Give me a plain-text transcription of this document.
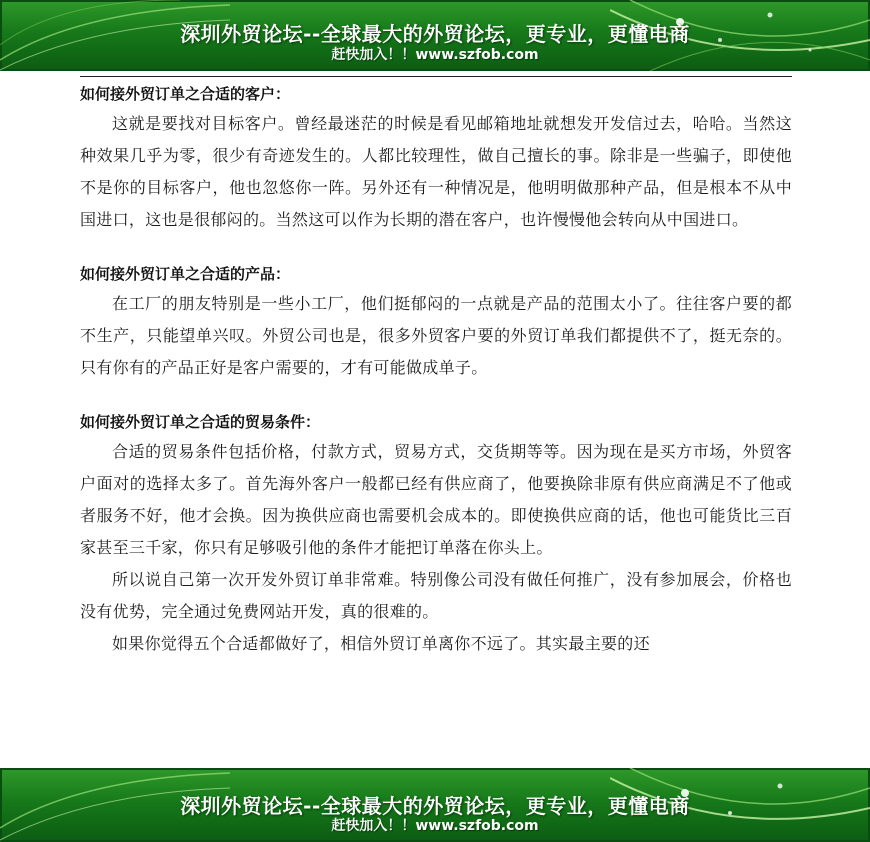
深圳外贸论坛--全球最大的外贸论坛，更专业，更懂电商
赶快加入！！www.szfob.com

如何接外贸订单之合适的客户：

这就是要找对目标客户。曾经最迷茫的时候是看见邮箱地址就想发开发信过去，哈哈。当然这种效果几乎为零，很少有奇迹发生的。人都比较理性，做自己擅长的事。除非是一些骗子，即使他不是你的目标客户，他也忽悠你一阵。另外还有一种情况是，他明明做那种产品，但是根本不从中国进口，这也是很郁闷的。当然这可以作为长期的潜在客户，也许慢慢他会转向从中国进口。

如何接外贸订单之合适的产品：

在工厂的朋友特别是一些小工厂，他们挺郁闷的一点就是产品的范围太小了。往往客户要的都不生产，只能望单兴叹。外贸公司也是，很多外贸客户要的外贸订单我们都提供不了，挺无奈的。只有你有的产品正好是客户需要的，才有可能做成单子。

如何接外贸订单之合适的贸易条件：

合适的贸易条件包括价格，付款方式，贸易方式，交货期等等。因为现在是买方市场，外贸客户面对的选择太多了。首先海外客户一般都已经有供应商了，他要换除非原有供应商满足不了他或者服务不好，他才会换。因为换供应商也需要机会成本的。即使换供应商的话，他也可能货比三百家甚至三千家，你只有足够吸引他的条件才能把订单落在你头上。

所以说自己第一次开发外贸订单非常难。特别像公司没有做任何推广，没有参加展会，价格也没有优势，完全通过免费网站开发，真的很难的。

如果你觉得五个合适都做好了，相信外贸订单离你不远了。其实最主要的还

深圳外贸论坛--全球最大的外贸论坛，更专业，更懂电商
赶快加入！！www.szfob.com
